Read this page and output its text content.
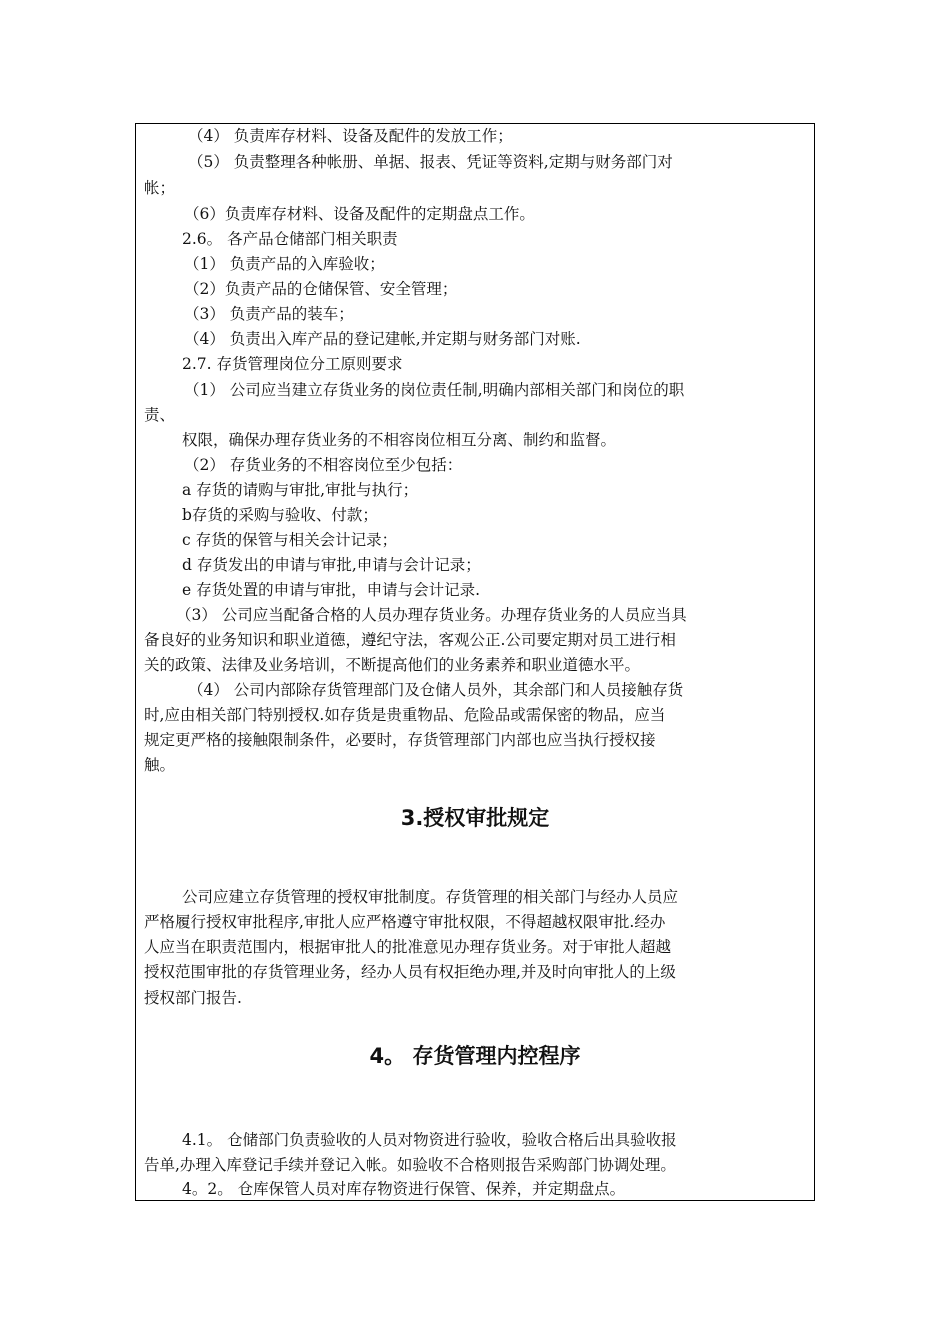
（4） 负责库存材料、设备及配件的发放工作；

（5） 负责整理各种帐册、单据、报表、凭证等资料,定期与财务部门对

帐；

（6）负责库存材料、设备及配件的定期盘点工作。

2.6。 各产品仓储部门相关职责

（1） 负责产品的入库验收；

（2）负责产品的仓储保管、安全管理；

（3） 负责产品的装车；

（4） 负责出入库产品的登记建帐,并定期与财务部门对账.

2.7. 存货管理岗位分工原则要求

（1） 公司应当建立存货业务的岗位责任制,明确内部相关部门和岗位的职

责、

权限，确保办理存货业务的不相容岗位相互分离、制约和监督。

（2） 存货业务的不相容岗位至少包括：

a 存货的请购与审批,审批与执行；

b存货的采购与验收、付款；

c 存货的保管与相关会计记录；

d 存货发出的申请与审批,申请与会计记录；

e 存货处置的申请与审批，申请与会计记录.

（3） 公司应当配备合格的人员办理存货业务。办理存货业务的人员应当具

备良好的业务知识和职业道德，遵纪守法，客观公正.公司要定期对员工进行相

关的政策、法律及业务培训，不断提高他们的业务素养和职业道德水平。

（4） 公司内部除存货管理部门及仓储人员外，其余部门和人员接触存货

时,应由相关部门特别授权.如存货是贵重物品、危险品或需保密的物品，应当

规定更严格的接触限制条件，必要时，存货管理部门内部也应当执行授权接

触。

3.授权审批规定

公司应建立存货管理的授权审批制度。存货管理的相关部门与经办人员应

严格履行授权审批程序,审批人应严格遵守审批权限，不得超越权限审批.经办

人应当在职责范围内，根据审批人的批准意见办理存货业务。对于审批人超越

授权范围审批的存货管理业务，经办人员有权拒绝办理,并及时向审批人的上级

授权部门报告.

4。 存货管理内控程序

4.1。 仓储部门负责验收的人员对物资进行验收，验收合格后出具验收报

告单,办理入库登记手续并登记入帐。如验收不合格则报告采购部门协调处理。

4。2。 仓库保管人员对库存物资进行保管、保养，并定期盘点。
